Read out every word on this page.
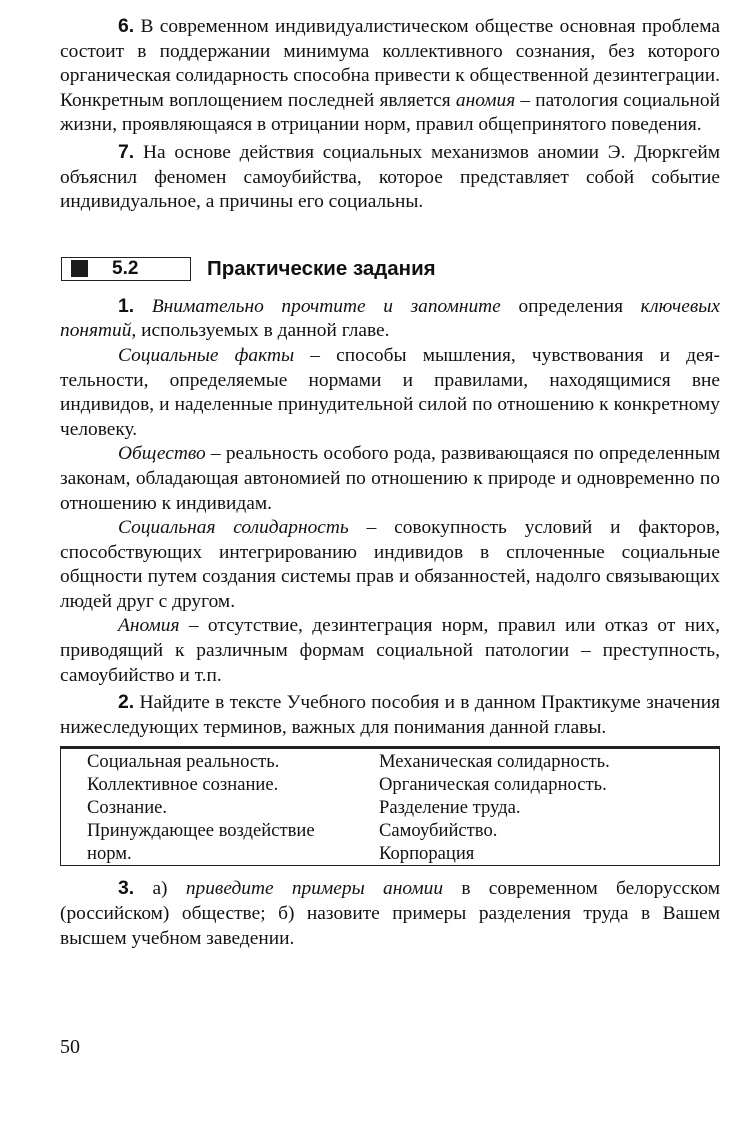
6. В современном индивидуалистическом обществе основная проблема состоит в поддержании минимума коллективного сознания, без которого органическая солидарность способна привести к общественной дезинтеграции. Конкретным воплощением последней является аномия – патология социальной жизни, проявляющаяся в отрицании норм, правил общепринятого поведения.

7. На основе действия социальных механизмов аномии Э. Дюркгейм объяснил феномен самоубийства, которое представляет собой событие индивидуальное, а причины его социальны.

5.2	Практические задания

1. Внимательно прочтите и запомните определения ключевых понятий, используемых в данной главе.

Социальные факты – способы мышления, чувствования и деятельности, определяемые нормами и правилами, находящимися вне индивидов, и наделенные принудительной силой по отношению к конкретному человеку.

Общество – реальность особого рода, развивающаяся по определенным законам, обладающая автономией по отношению к природе и одновременно по отношению к индивидам.

Социальная солидарность – совокупность условий и факторов, способствующих интегрированию индивидов в сплоченные социальные общности путем создания системы прав и обязанностей, надолго связывающих людей друг с другом.

Аномия – отсутствие, дезинтеграция норм, правил или отказ от них, приводящий к различным формам социальной патологии – преступность, самоубийство и т.п.

2. Найдите в тексте Учебного пособия и в данном Практикуме значения нижеследующих терминов, важных для понимания данной главы.

Социальная реальность.
Коллективное сознание.
Сознание.
Принуждающее воздействие
норм.
Механическая солидарность.
Органическая солидарность.
Разделение труда.
Самоубийство.
Корпорация

3. а) приведите примеры аномии в современном белорусском (российском) обществе; б) назовите примеры разделения труда в Вашем высшем учебном заведении.

50
